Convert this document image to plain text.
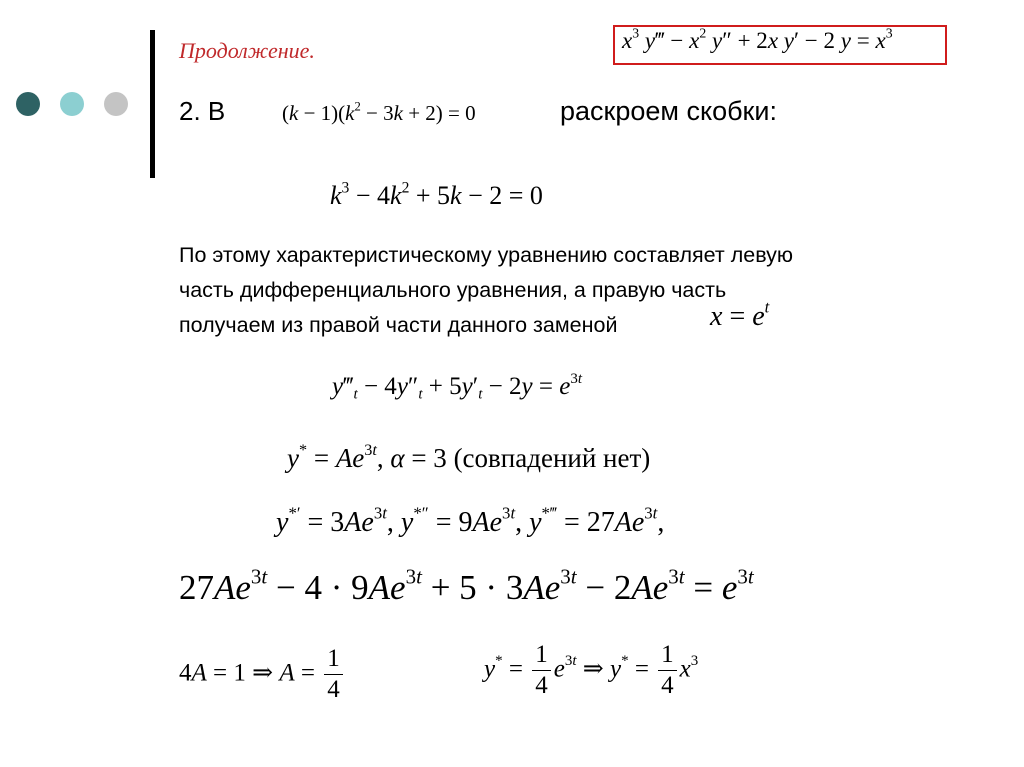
Продолжение.	$x^3$ y‴ − $x^2$ y″ + 2x y′ − 2 $y = x^3$
2. В	$(k - 1)(k^2 - 3k + 2) = 0$	раскроем скобки:
$k^3 - 4k^2 + 5k - 2 = 0$
По этому характеристическому уравнению составляет левую
часть дифференциального уравнения, а правую часть
получаем из правой части данного заменой	$x = e^t$
$y‴_t - 4y''_t + 5y'_t - 2y = e^{3t}$
$y^* = Ae^{3t}$, α = 3 (совпадений нет)
$y^{*'} = 3Ae^{3t}$, $y^{*''} = 9Ae^{3t}$, $y^{*‴} = 27Ae^{3t}$,
$27Ae^{3t} - 4 \cdot 9Ae^{3t} + 5 \cdot 3Ae^{3t} - 2Ae^{3t} = e^{3t}$
4A = 1 ⇒ $A = \frac{1}{4}$	$y^* = \frac{1}{4} e^{3t}$ ⇒ $y^* = \frac{1}{4} x^3$
